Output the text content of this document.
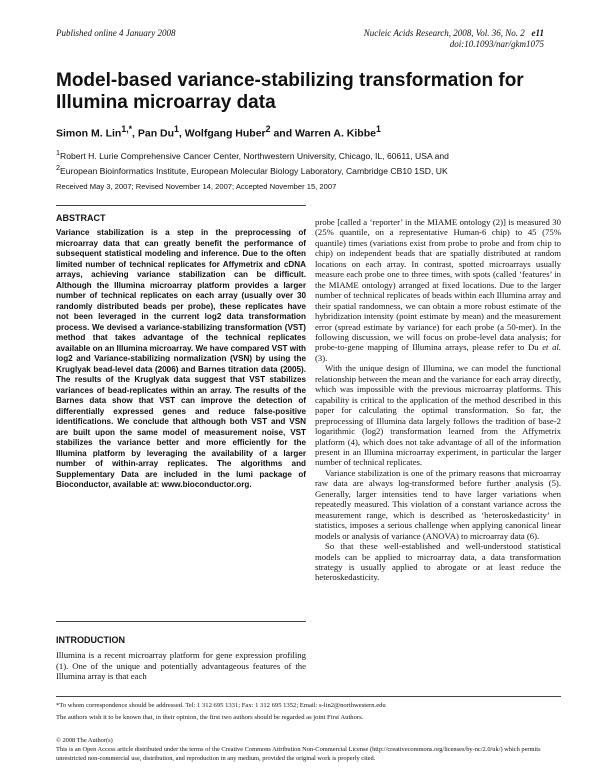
Published online 4 January 2008	Nucleic Acids Research, 2008, Vol. 36, No. 2 e11
doi:10.1093/nar/gkm1075
Model-based variance-stabilizing transformation for Illumina microarray data
Simon M. Lin$^{1,*}$, Pan Du$^1$, Wolfgang Huber$^2$ and Warren A. Kibbe$^1$
$^1$Robert H. Lurie Comprehensive Cancer Center, Northwestern University, Chicago, IL, 60611, USA and
$^2$European Bioinformatics Institute, European Molecular Biology Laboratory, Cambridge CB10 1SD, UK
Received May 3, 2007; Revised November 14, 2007; Accepted November 15, 2007
ABSTRACT
Variance stabilization is a step in the preprocessing of microarray data that can greatly benefit the performance of subsequent statistical modeling and inference. Due to the often limited number of technical replicates for Affymetrix and cDNA arrays, achieving variance stabilization can be difficult. Although the Illumina microarray platform provides a larger number of technical replicates on each array (usually over 30 randomly distributed beads per probe), these replicates have not been leveraged in the current log2 data transformation process. We devised a variance-stabilizing transformation (VST) method that takes advantage of the technical replicates available on an Illumina microarray. We have compared VST with log2 and Variance-stabilizing normalization (VSN) by using the Kruglyak bead-level data (2006) and Barnes titration data (2005). The results of the Kruglyak data suggest that VST stabilizes variances of bead-replicates within an array. The results of the Barnes data show that VST can improve the detection of differentially expressed genes and reduce false-positive identifications. We conclude that although both VST and VSN are built upon the same model of measurement noise, VST stabilizes the variance better and more efficiently for the Illumina platform by leveraging the availability of a larger number of within-array replicates. The algorithms and Supplementary Data are included in the lumi package of Bioconductor, available at: www.bioconductor.org.
INTRODUCTION
Illumina is a recent microarray platform for gene expression profiling (1). One of the unique and potentially advantageous features of the Illumina array is that each

probe [called a ‘reporter’ in the MIAME ontology (2)] is measured 30 (25% quantile, on a representative Human-6 chip) to 45 (75% quantile) times (variations exist from probe to probe and from chip to chip) on independent beads that are spatially distributed at random locations on each array. In contrast, spotted microarrays usually measure each probe one to three times, with spots (called ‘features’ in the MIAME ontology) arranged at fixed locations. Due to the larger number of technical replicates of beads within each Illumina array and their spatial randomness, we can obtain a more robust estimate of the hybridization intensity (point estimate by mean) and the measurement error (spread estimate by variance) for each probe (a 50-mer). In the following discussion, we will focus on probe-level data analysis; for probe-to-gene mapping of Illumina arrays, please refer to Du et al. (3).

With the unique design of Illumina, we can model the functional relationship between the mean and the variance for each array directly, which was impossible with the previous microarray platforms. This capability is critical to the application of the method described in this paper for calculating the optimal transformation. So far, the preprocessing of Illumina data largely follows the tradition of base-2 logarithmic (log2) transformation learned from the Affymetrix platform (4), which does not take advantage of all of the information present in an Illumina microarray experiment, in particular the larger number of technical replicates.

Variance stabilization is one of the primary reasons that microarray raw data are always log-transformed before further analysis (5). Generally, larger intensities tend to have larger variations when repeatedly measured. This violation of a constant variance across the measurement range, which is described as ‘heteroskedasticity’ in statistics, imposes a serious challenge when applying canonical linear models or analysis of variance (ANOVA) to microarray data (6).

So that these well-established and well-understood statistical models can be applied to microarray data, a data transformation strategy is usually applied to abrogate or at least reduce the heteroskedasticity.

*To whom correspondence should be addressed. Tel: 1 312 695 1331; Fax: 1 312 695 1352; Email: s-lin2@northwestern.edu
The authors wish it to be known that, in their opinion, the first two authors should be regarded as joint First Authors.
© 2008 The Author(s)
This is an Open Access article distributed under the terms of the Creative Commons Attribution Non-Commercial License (http://creativecommons.org/licenses/by-nc/2.0/uk/) which permits unrestricted non-commercial use, distribution, and reproduction in any medium, provided the original work is properly cited.
